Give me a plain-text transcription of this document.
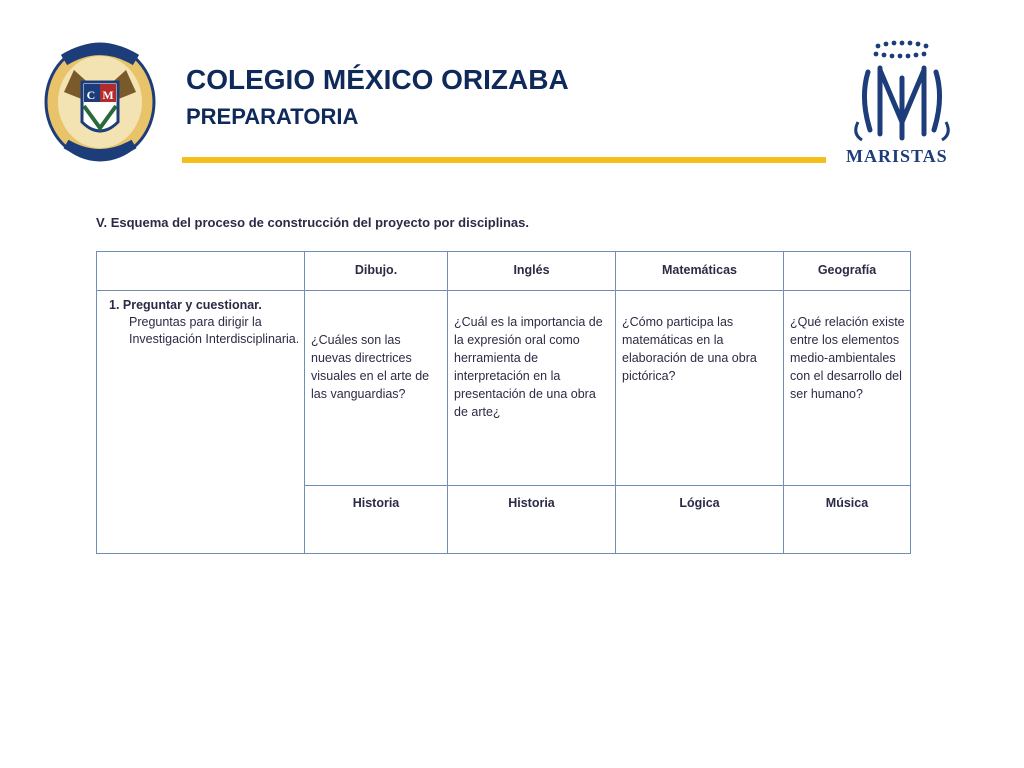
C M	COLEGIO MÉXICO ORIZABA
PREPARATORIA
MARISTAS
V. Esquema del proceso de construcción del proyecto por disciplinas.
	Dibujo.	Inglés	Matemáticas	Geografía

1. Preguntar y cuestionar.
Preguntas para dirigir la Investigación Interdisciplinaria.	¿Cuáles son las nuevas directrices visuales en el arte de las vanguardias?	¿Cuál es la importancia de la expresión oral como herramienta de interpretación en la presentación de una obra de arte¿	¿Cómo participa las matemáticas en la elaboración de una obra pictórica?	¿Qué relación existe entre los elementos medio-ambientales con el desarrollo del ser humano?
	Historia	Historia	Lógica	Música
